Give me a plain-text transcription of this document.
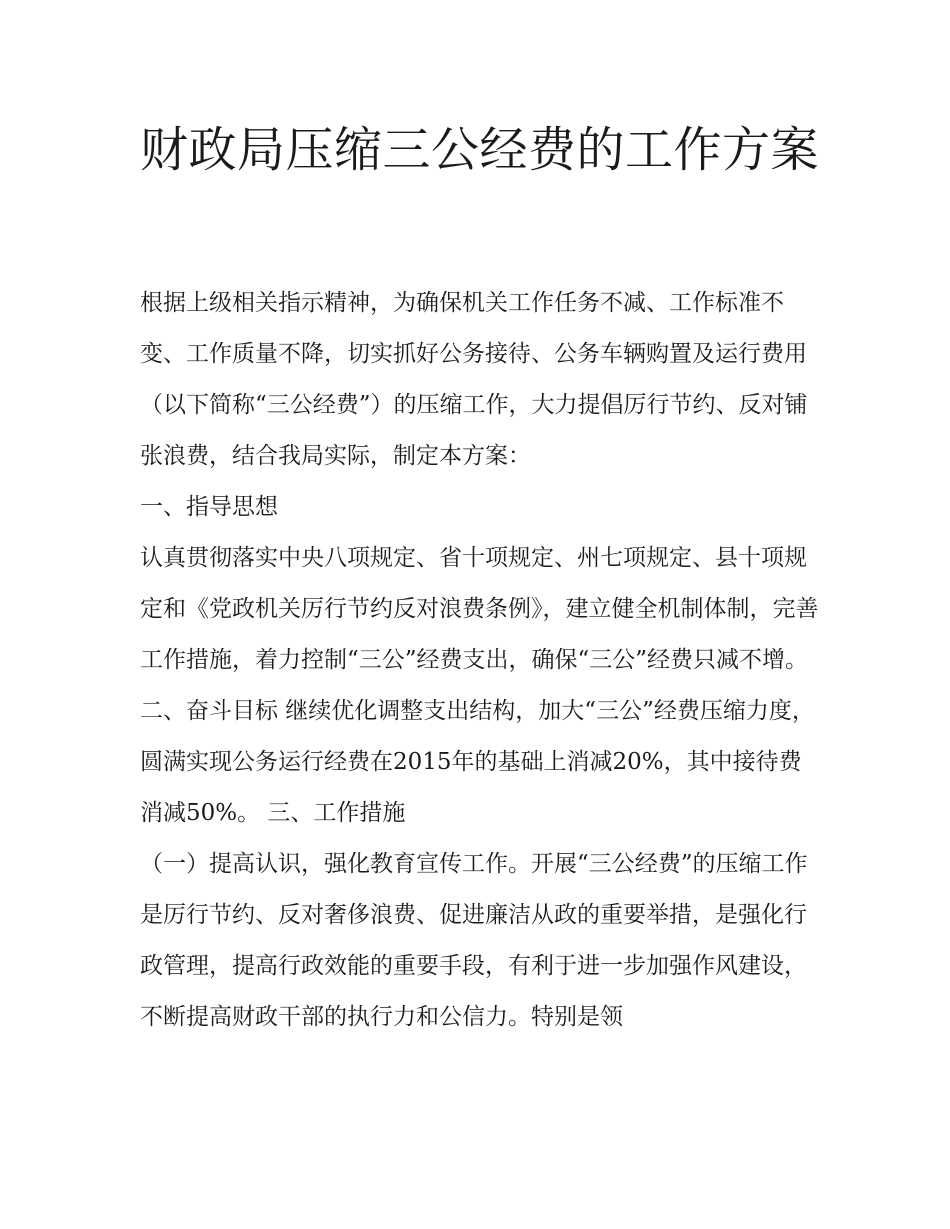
财政局压缩三公经费的工作方案

根据上级相关指示精神，为确保机关工作任务不减、工作标准不变、工作质量不降，切实抓好公务接待、公务车辆购置及运行费用（以下简称“三公经费”）的压缩工作，大力提倡厉行节约、反对铺张浪费，结合我局实际，制定本方案：

一、指导思想

认真贯彻落实中央八项规定、省十项规定、州七项规定、县十项规定和《党政机关厉行节约反对浪费条例》，建立健全机制体制，完善工作措施，着力控制“三公”经费支出，确保“三公”经费只减不增。

二、奋斗目标 继续优化调整支出结构，加大“三公”经费压缩力度，圆满实现公务运行经费在2015年的基础上消减20%，其中接待费消减50%。 三、工作措施

（一）提高认识，强化教育宣传工作。开展“三公经费”的压缩工作是厉行节约、反对奢侈浪费、促进廉洁从政的重要举措，是强化行政管理，提高行政效能的重要手段，有利于进一步加强作风建设，不断提高财政干部的执行力和公信力。特别是领
